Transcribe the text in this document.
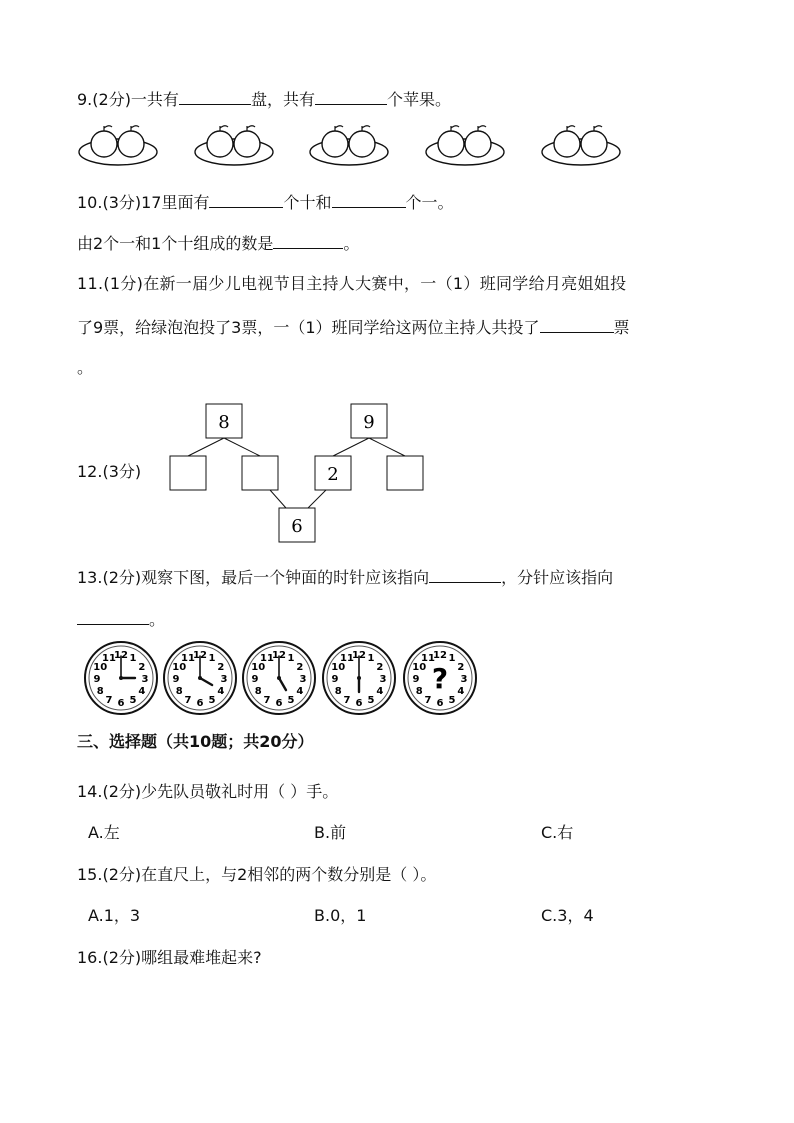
9.(2分)一共有	盘，共有	个苹果。
10.(3分)17里面有	个十和	个一。
由2个一和1个十组成的数是	。
11.(1分)在新一届少儿电视节目主持人大赛中，一（1）班同学给月亮姐姐投
了9票，给绿泡泡投了3票，一（1）班同学给这两位主持人共投了	票
。
12.(3分)
8	9
2
6
13.(2分)观察下图，最后一个钟面的时针应该指向	，分针应该指向
。
1
2
3
4
5
6
7
8
9
10
11
12	1
2
3
4
5
6
7
8
9
10
11
12	1
2
3
4
5
6
7
8
9
10
11
12	1
2
3
4
5
6
7
8
9
10
11
12	1
2
3
4
5
6
7
8
9
10
11
12
?
三、选择题（共10题；共20分）
14.(2分)少先队员敬礼时用（ ）手。
A.左	B.前	C.右
15.(2分)在直尺上，与2相邻的两个数分别是（ ）。
A.1，3	B.0，1	C.3，4
16.(2分)哪组最难堆起来?
